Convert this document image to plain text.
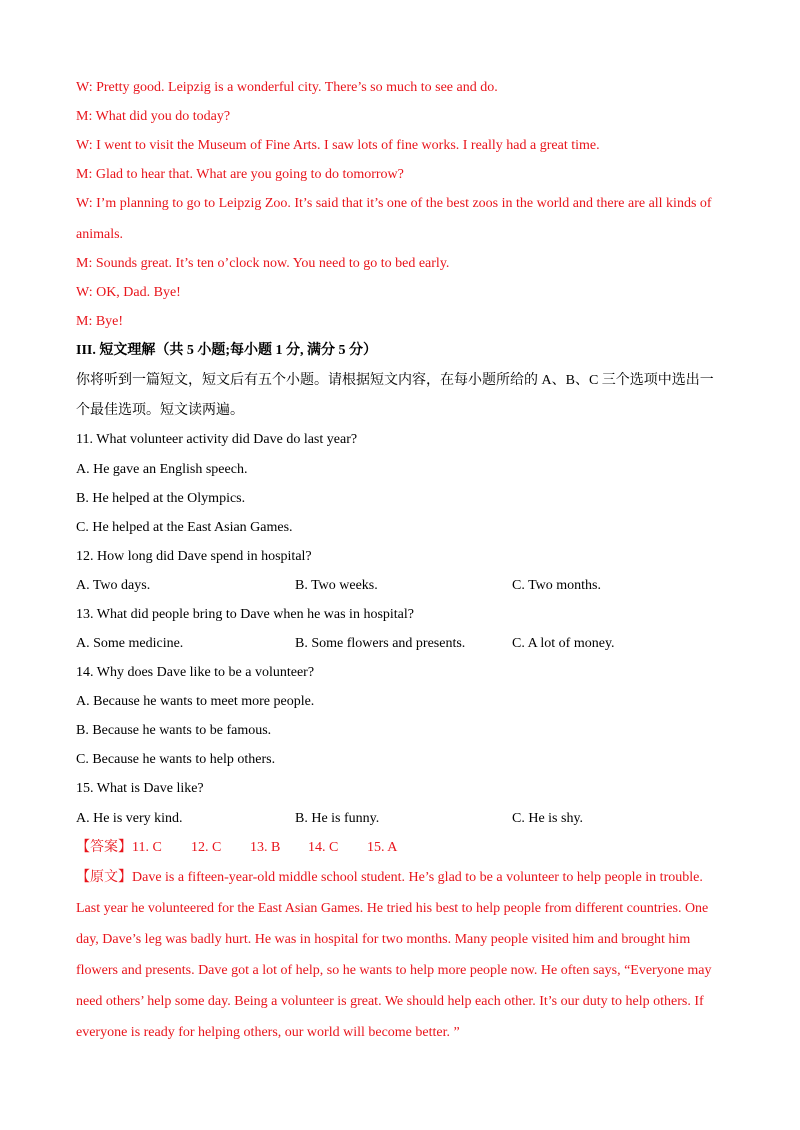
W: Pretty good. Leipzig is a wonderful city. There’s so much to see and do.
M: What did you do today?
W: I went to visit the Museum of Fine Arts. I saw lots of fine works. I really had a great time.
M: Glad to hear that. What are you going to do tomorrow?
W: I’m planning to go to Leipzig Zoo. It’s said that it’s one of the best zoos in the world and there are all kinds of
animals.
M: Sounds great. It’s ten o’clock now. You need to go to bed early.
W: OK, Dad. Bye!
M: Bye!
III. 短文理解（共 5 小题;每小题 1 分, 满分 5 分）
你将听到一篇短文，短文后有五个小题。请根据短文内容，在每小题所给的 A、B、C 三个选项中选出一
个最佳选项。短文读两遍。
11. What volunteer activity did Dave do last year?
A. He gave an English speech.
B. He helped at the Olympics.
C. He helped at the East Asian Games.
12. How long did Dave spend in hospital?
A. Two days.	B. Two weeks.	C. Two months.
13. What did people bring to Dave when he was in hospital?
A. Some medicine.	B. Some flowers and presents.	C. A lot of money.
14. Why does Dave like to be a volunteer?
A. Because he wants to meet more people.
B. Because he wants to be famous.
C. Because he wants to help others.
15. What is Dave like?
A. He is very kind.	B. He is funny.	C. He is shy.
【答案】 11. C 12. C 13. B 14. C 15. A
【原文】 Dave is a fifteen-year-old middle school student. He’s glad to be a volunteer to help people in trouble.
Last year he volunteered for the East Asian Games. He tried his best to help people from different countries. One
day, Dave’s leg was badly hurt. He was in hospital for two months. Many people visited him and brought him
flowers and presents. Dave got a lot of help, so he wants to help more people now. He often says, “Everyone may
need others’ help some day. Being a volunteer is great. We should help each other. It’s our duty to help others. If
everyone is ready for helping others, our world will become better. ”
